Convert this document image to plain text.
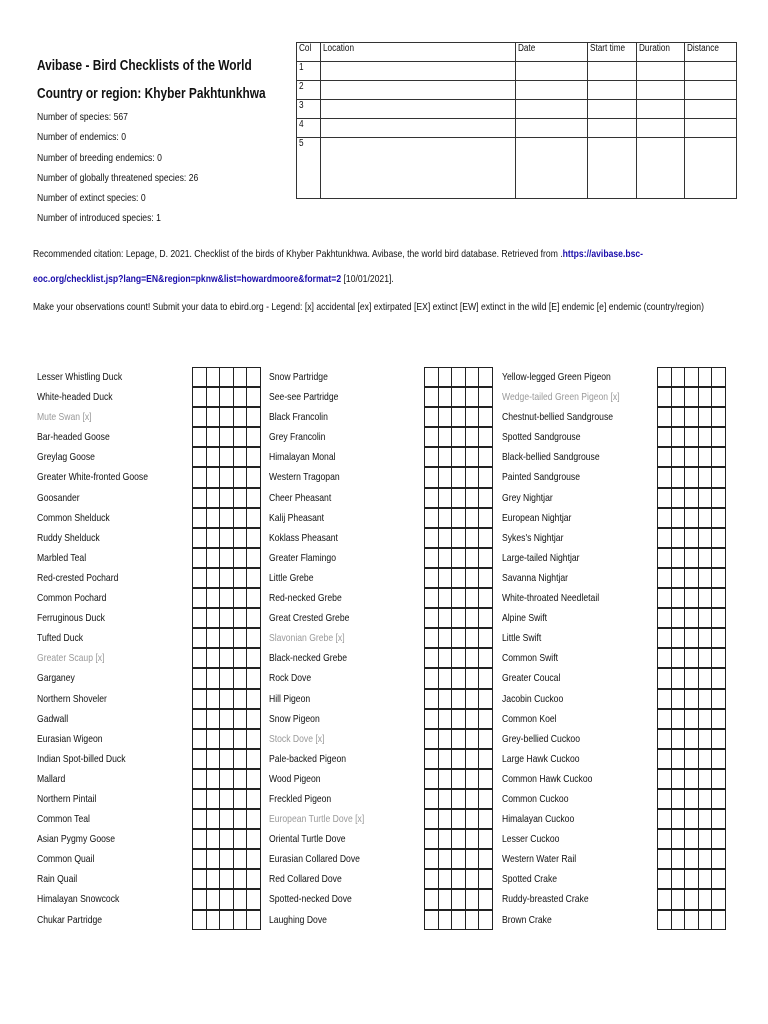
Avibase - Bird Checklists of the World
Country or region: Khyber Pakhtunkhwa
Number of species: 567
Number of endemics: 0
Number of breeding endemics: 0
Number of globally threatened species: 26
Number of extinct species: 0
Number of introduced species: 1
Col	Location	Date	Start time	Duration	Distance
1					
2					
3					
4					
5					
Recommended citation: Lepage, D. 2021. Checklist of the birds of Khyber Pakhtunkhwa. Avibase, the world bird database. Retrieved from .https://avibase.bsc-
eoc.org/checklist.jsp?lang=EN&region=pknw&list=howardmoore&format=2 [10/01/2021].
Make your observations count! Submit your data to ebird.org - Legend: [x] accidental [ex] extirpated [EX] extinct [EW] extinct in the wild [E] endemic [e] endemic (country/region)
Lesser Whistling Duck
White-headed Duck
Mute Swan [x]
Bar-headed Goose
Greylag Goose
Greater White-fronted Goose
Goosander
Common Shelduck
Ruddy Shelduck
Marbled Teal
Red-crested Pochard
Common Pochard
Ferruginous Duck
Tufted Duck
Greater Scaup [x]
Garganey
Northern Shoveler
Gadwall
Eurasian Wigeon
Indian Spot-billed Duck
Mallard
Northern Pintail
Common Teal
Asian Pygmy Goose
Common Quail
Rain Quail
Himalayan Snowcock
Chukar Partridge
Snow Partridge
See-see Partridge
Black Francolin
Grey Francolin
Himalayan Monal
Western Tragopan
Cheer Pheasant
Kalij Pheasant
Koklass Pheasant
Greater Flamingo
Little Grebe
Red-necked Grebe
Great Crested Grebe
Slavonian Grebe [x]
Black-necked Grebe
Rock Dove
Hill Pigeon
Snow Pigeon
Stock Dove [x]
Pale-backed Pigeon
Wood Pigeon
Freckled Pigeon
European Turtle Dove [x]
Oriental Turtle Dove
Eurasian Collared Dove
Red Collared Dove
Spotted-necked Dove
Laughing Dove
Yellow-legged Green Pigeon
Wedge-tailed Green Pigeon [x]
Chestnut-bellied Sandgrouse
Spotted Sandgrouse
Black-bellied Sandgrouse
Painted Sandgrouse
Grey Nightjar
European Nightjar
Sykes's Nightjar
Large-tailed Nightjar
Savanna Nightjar
White-throated Needletail
Alpine Swift
Little Swift
Common Swift
Greater Coucal
Jacobin Cuckoo
Common Koel
Grey-bellied Cuckoo
Large Hawk Cuckoo
Common Hawk Cuckoo
Common Cuckoo
Himalayan Cuckoo
Lesser Cuckoo
Western Water Rail
Spotted Crake
Ruddy-breasted Crake
Brown Crake
